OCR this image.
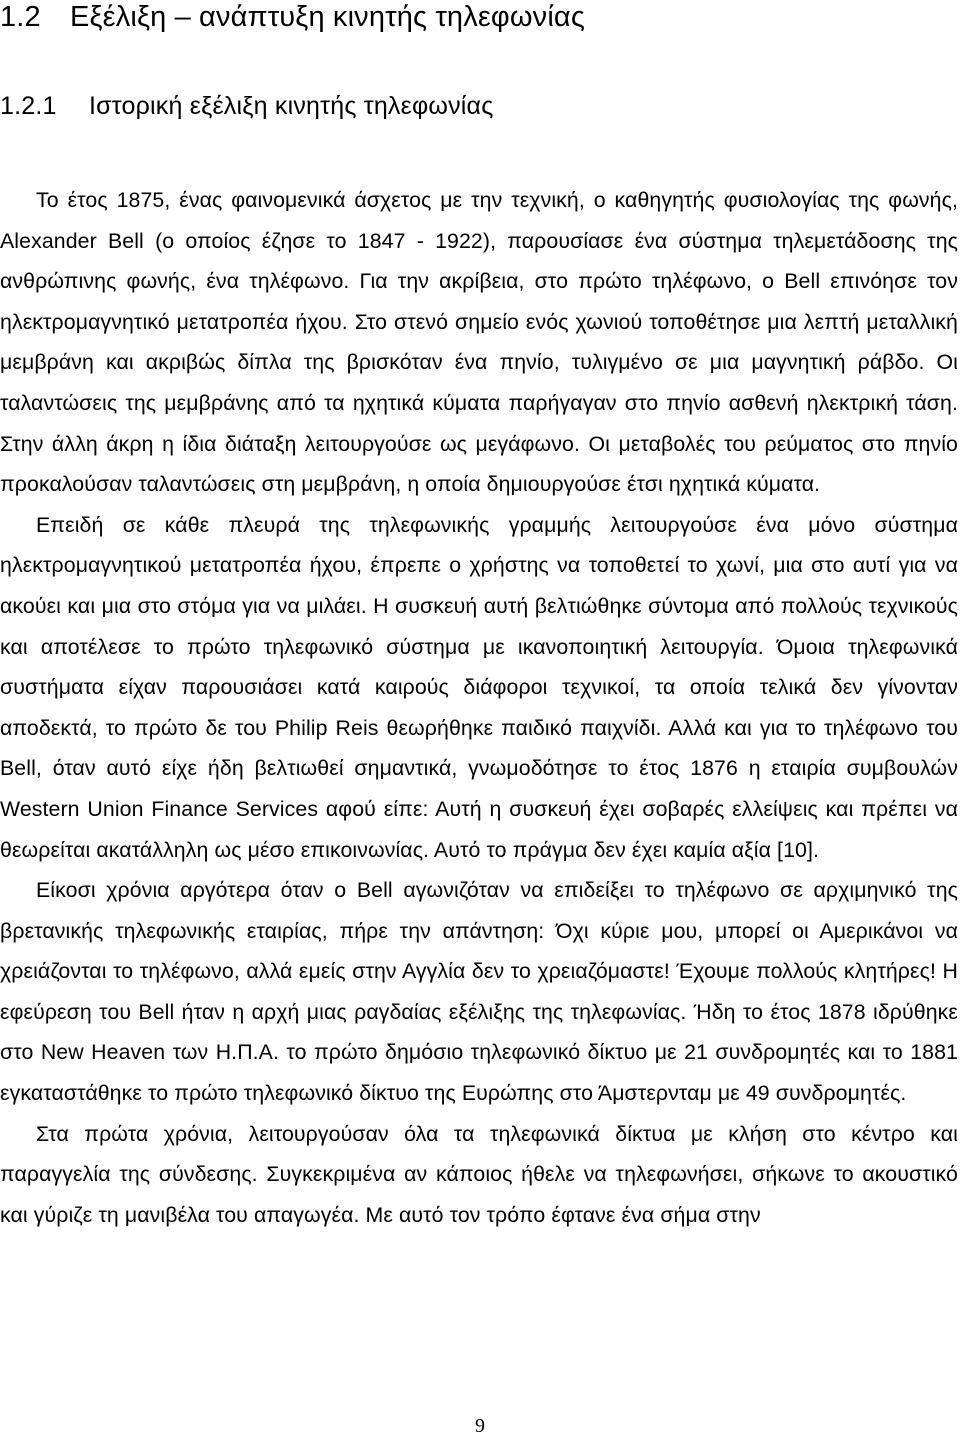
1.2 Εξέλιξη – ανάπτυξη κινητής τηλεφωνίας
1.2.1 Ιστορική εξέλιξη κινητής τηλεφωνίας

Το έτος 1875, ένας φαινομενικά άσχετος με την τεχνική, ο καθηγητής φυσιολογίας της φωνής, Alexander Bell (ο οποίος έζησε το 1847 - 1922), παρουσίασε ένα σύστημα τηλεμετάδοσης της ανθρώπινης φωνής, ένα τηλέφωνο. Για την ακρίβεια, στο πρώτο τηλέφωνο, ο Bell επινόησε τον ηλεκτρομαγνητικό μετατροπέα ήχου. Στο στενό σημείο ενός χωνιού τοποθέτησε μια λεπτή μεταλλική μεμβράνη και ακριβώς δίπλα της βρισκόταν ένα πηνίο, τυλιγμένο σε μια μαγνητική ράβδο. Οι ταλαντώσεις της μεμβράνης από τα ηχητικά κύματα παρήγαγαν στο πηνίο ασθενή ηλεκτρική τάση. Στην άλλη άκρη η ίδια διάταξη λειτουργούσε ως μεγάφωνο. Οι μεταβολές του ρεύματος στο πηνίο προκαλούσαν ταλαντώσεις στη μεμβράνη, η οποία δημιουργούσε έτσι ηχητικά κύματα.

Επειδή σε κάθε πλευρά της τηλεφωνικής γραμμής λειτουργούσε ένα μόνο σύστημα ηλεκτρομαγνητικού μετατροπέα ήχου, έπρεπε ο χρήστης να τοποθετεί το χωνί, μια στο αυτί για να ακούει και μια στο στόμα για να μιλάει. Η συσκευή αυτή βελτιώθηκε σύντομα από πολλούς τεχνικούς και αποτέλεσε το πρώτο τηλεφωνικό σύστημα με ικανοποιητική λειτουργία. Όμοια τηλεφωνικά συστήματα είχαν παρουσιάσει κατά καιρούς διάφοροι τεχνικοί, τα οποία τελικά δεν γίνονταν αποδεκτά, το πρώτο δε του Philip Reis θεωρήθηκε παιδικό παιχνίδι. Αλλά και για το τηλέφωνο του Bell, όταν αυτό είχε ήδη βελτιωθεί σημαντικά, γνωμοδότησε το έτος 1876 η εταιρία συμβουλών Western Union Finance Services αφού είπε: Αυτή η συσκευή έχει σοβαρές ελλείψεις και πρέπει να θεωρείται ακατάλληλη ως μέσο επικοινωνίας. Αυτό το πράγμα δεν έχει καμία αξία [10].

Είκοσι χρόνια αργότερα όταν ο Bell αγωνιζόταν να επιδείξει το τηλέφωνο σε αρχιμηνικό της βρετανικής τηλεφωνικής εταιρίας, πήρε την απάντηση: Όχι κύριε μου, μπορεί οι Αμερικάνοι να χρειάζονται το τηλέφωνο, αλλά εμείς στην Αγγλία δεν το χρειαζόμαστε! Έχουμε πολλούς κλητήρες! Η εφεύρεση του Bell ήταν η αρχή μιας ραγδαίας εξέλιξης της τηλεφωνίας. Ήδη το έτος 1878 ιδρύθηκε στο New Heaven των Η.Π.Α. το πρώτο δημόσιο τηλεφωνικό δίκτυο με 21 συνδρομητές και το 1881 εγκαταστάθηκε το πρώτο τηλεφωνικό δίκτυο της Ευρώπης στο Άμστερνταμ με 49 συνδρομητές.

Στα πρώτα χρόνια, λειτουργούσαν όλα τα τηλεφωνικά δίκτυα με κλήση στο κέντρο και παραγγελία της σύνδεσης. Συγκεκριμένα αν κάποιος ήθελε να τηλεφωνήσει, σήκωνε το ακουστικό και γύριζε τη μανιβέλα του απαγωγέα. Με αυτό τον τρόπο έφτανε ένα σήμα στην

9
